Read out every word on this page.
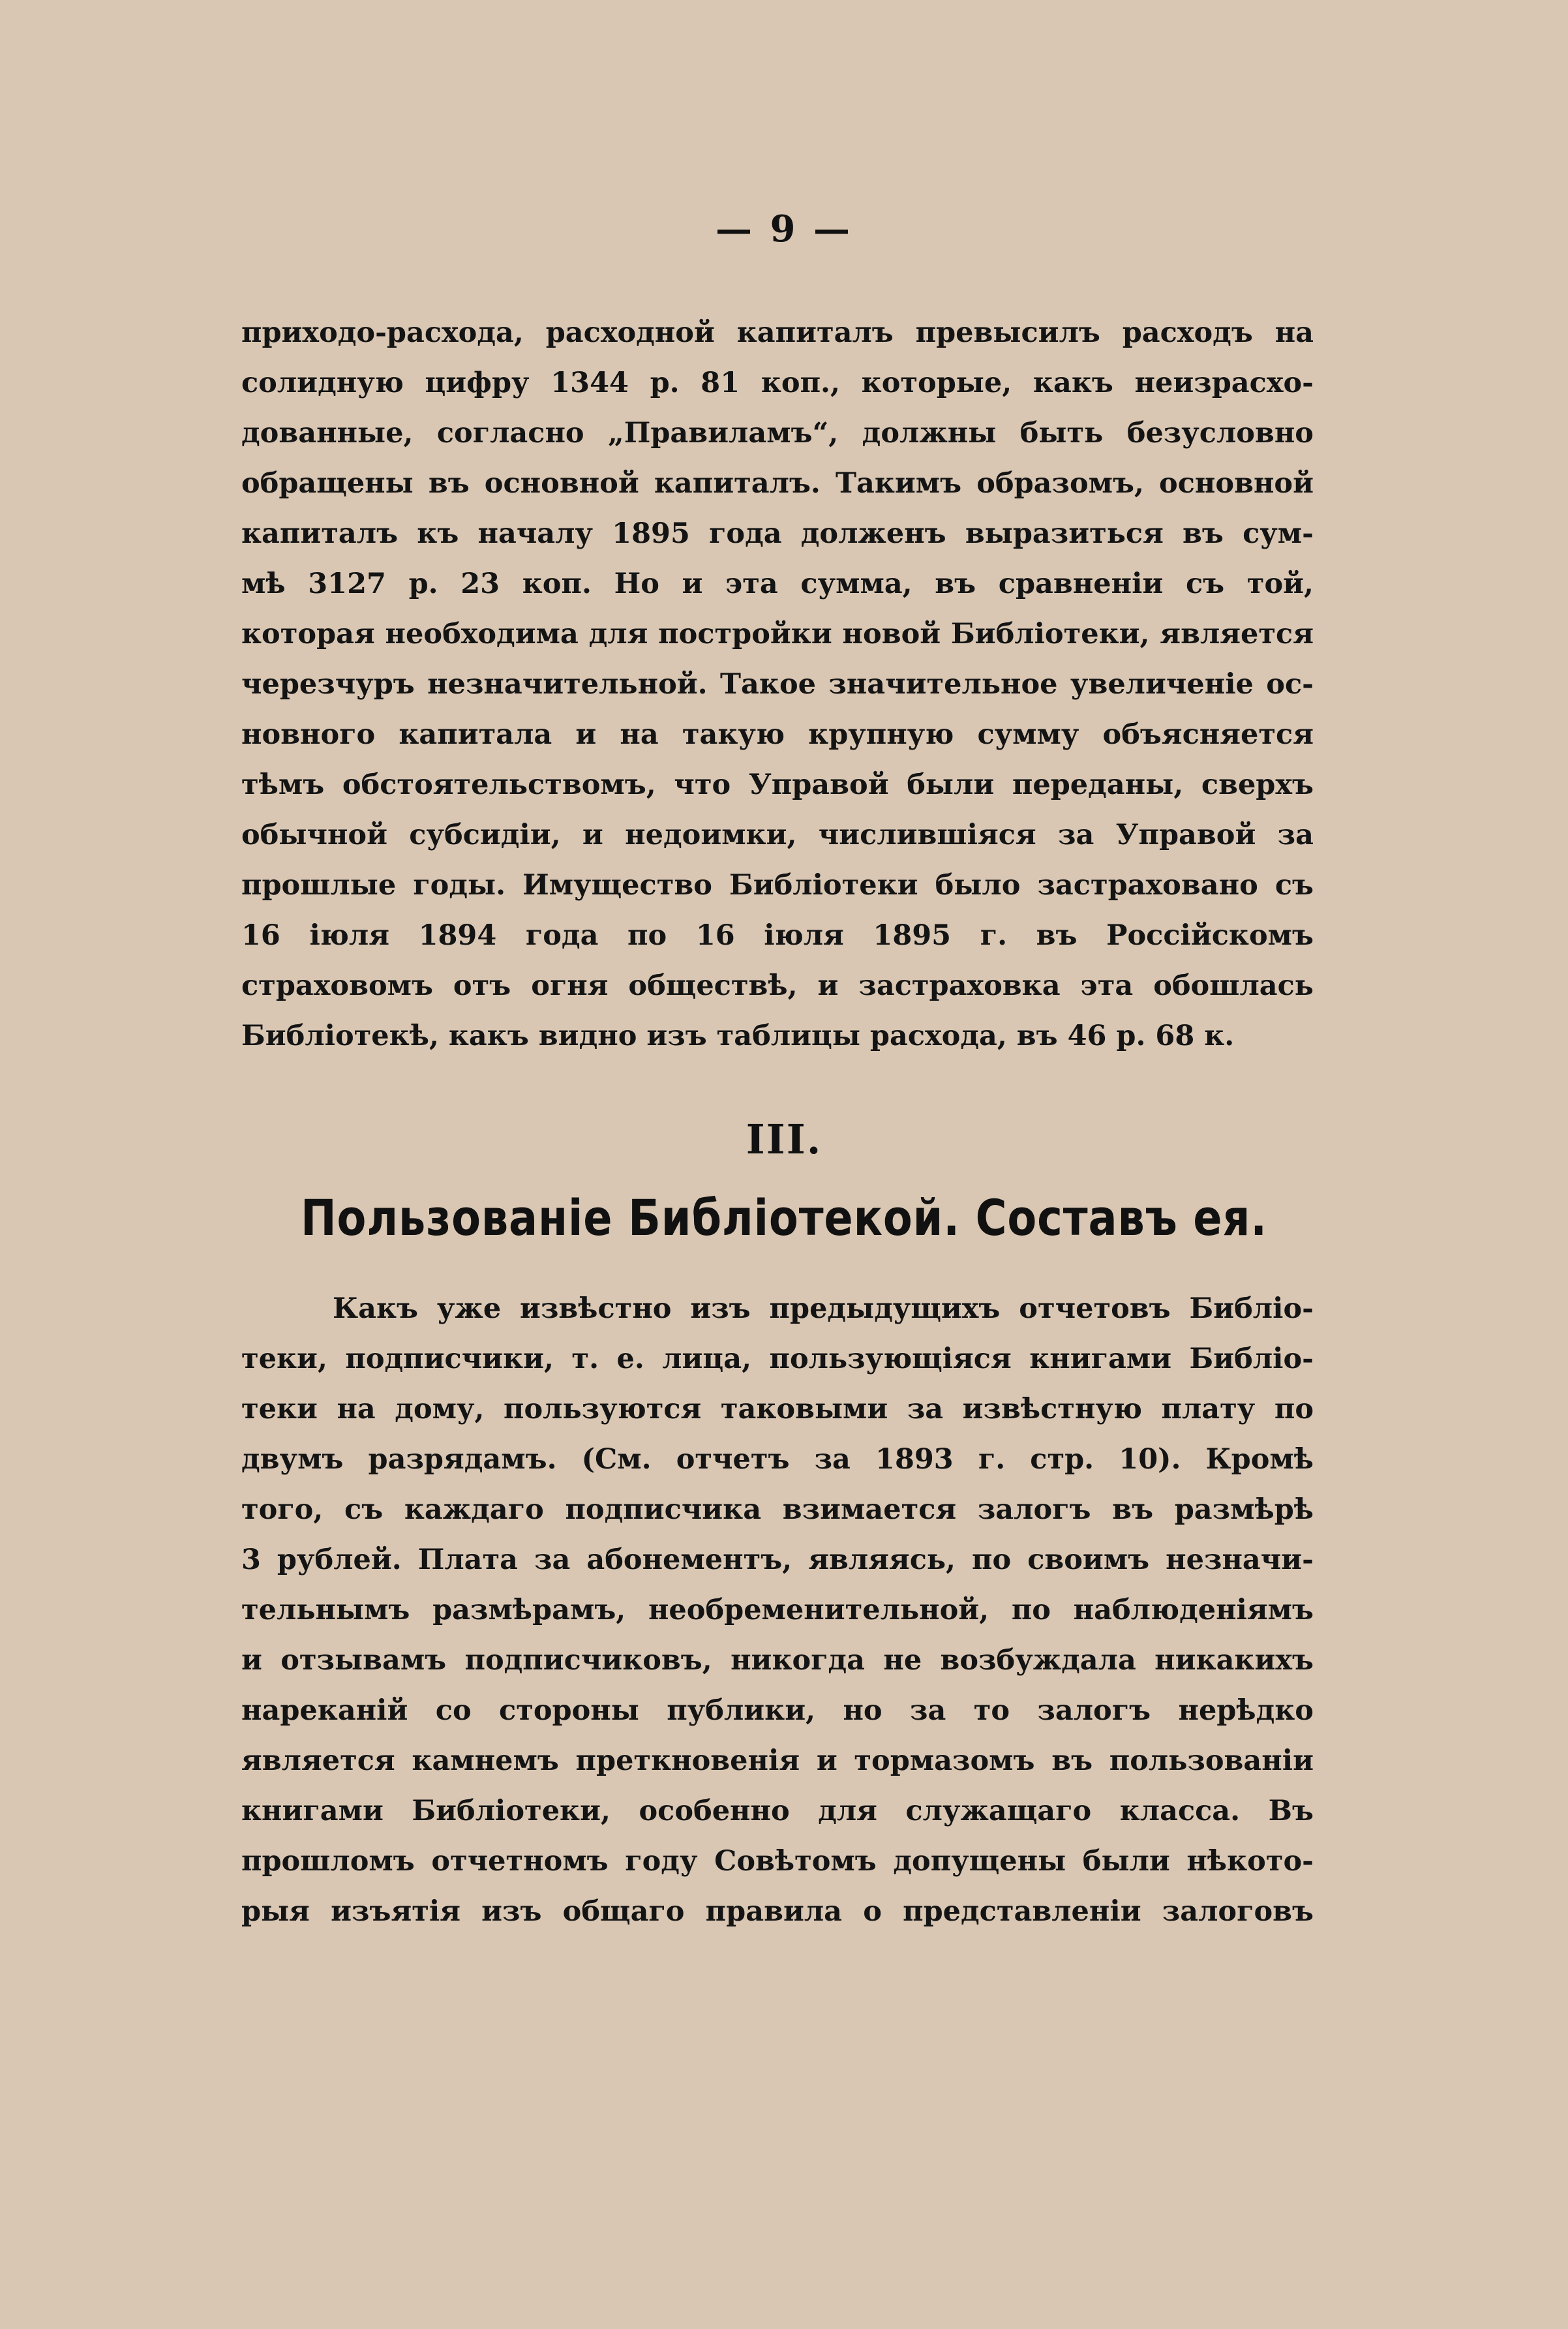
— 9 —
приходо-расхода, расходной капиталъ превысилъ расходъ на
солидную цифру 1344 р. 81 коп., которые, какъ неизрасхо-
дованные, согласно „Правиламъ“, должны быть безусловно
обращены въ основной капиталъ. Такимъ образомъ, основной
капиталъ къ началу 1895 года долженъ выразиться въ сум-
мѣ 3127 р. 23 коп. Но и эта сумма, въ сравненіи съ той,
которая необходима для постройки новой Библіотеки, является
черезчуръ незначительной. Такое значительное увеличеніе ос-
новного капитала и на такую крупную сумму объясняется
тѣмъ обстоятельствомъ, что Управой были переданы, сверхъ
обычной субсидіи, и недоимки, числившіяся за Управой за
прошлые годы. Имущество Библіотеки было застраховано съ
16 іюля 1894 года по 16 іюля 1895 г. въ Россійскомъ
страховомъ отъ огня обществѣ, и застраховка эта обошлась
Библіотекѣ, какъ видно изъ таблицы расхода, въ 46 р. 68 к.
III.
Пользованіе Библіотекой. Составъ ея.
Какъ уже извѣстно изъ предыдущихъ отчетовъ Библіо-
теки, подписчики, т. е. лица, пользующіяся книгами Библіо-
теки на дому, пользуются таковыми за извѣстную плату по
двумъ разрядамъ. (См. отчетъ за 1893 г. стр. 10). Кромѣ
того, съ каждаго подписчика взимается залогъ въ размѣрѣ
3 рублей. Плата за абонементъ, являясь, по своимъ незначи-
тельнымъ размѣрамъ, необременительной, по наблюденіямъ
и отзывамъ подписчиковъ, никогда не возбуждала никакихъ
нареканій со стороны публики, но за то залогъ нерѣдко
является камнемъ преткновенія и тормазомъ въ пользованіи
книгами Библіотеки, особенно для служащаго класса. Въ
прошломъ отчетномъ году Совѣтомъ допущены были нѣкото-
рыя изъятія изъ общаго правила о представленіи залоговъ
